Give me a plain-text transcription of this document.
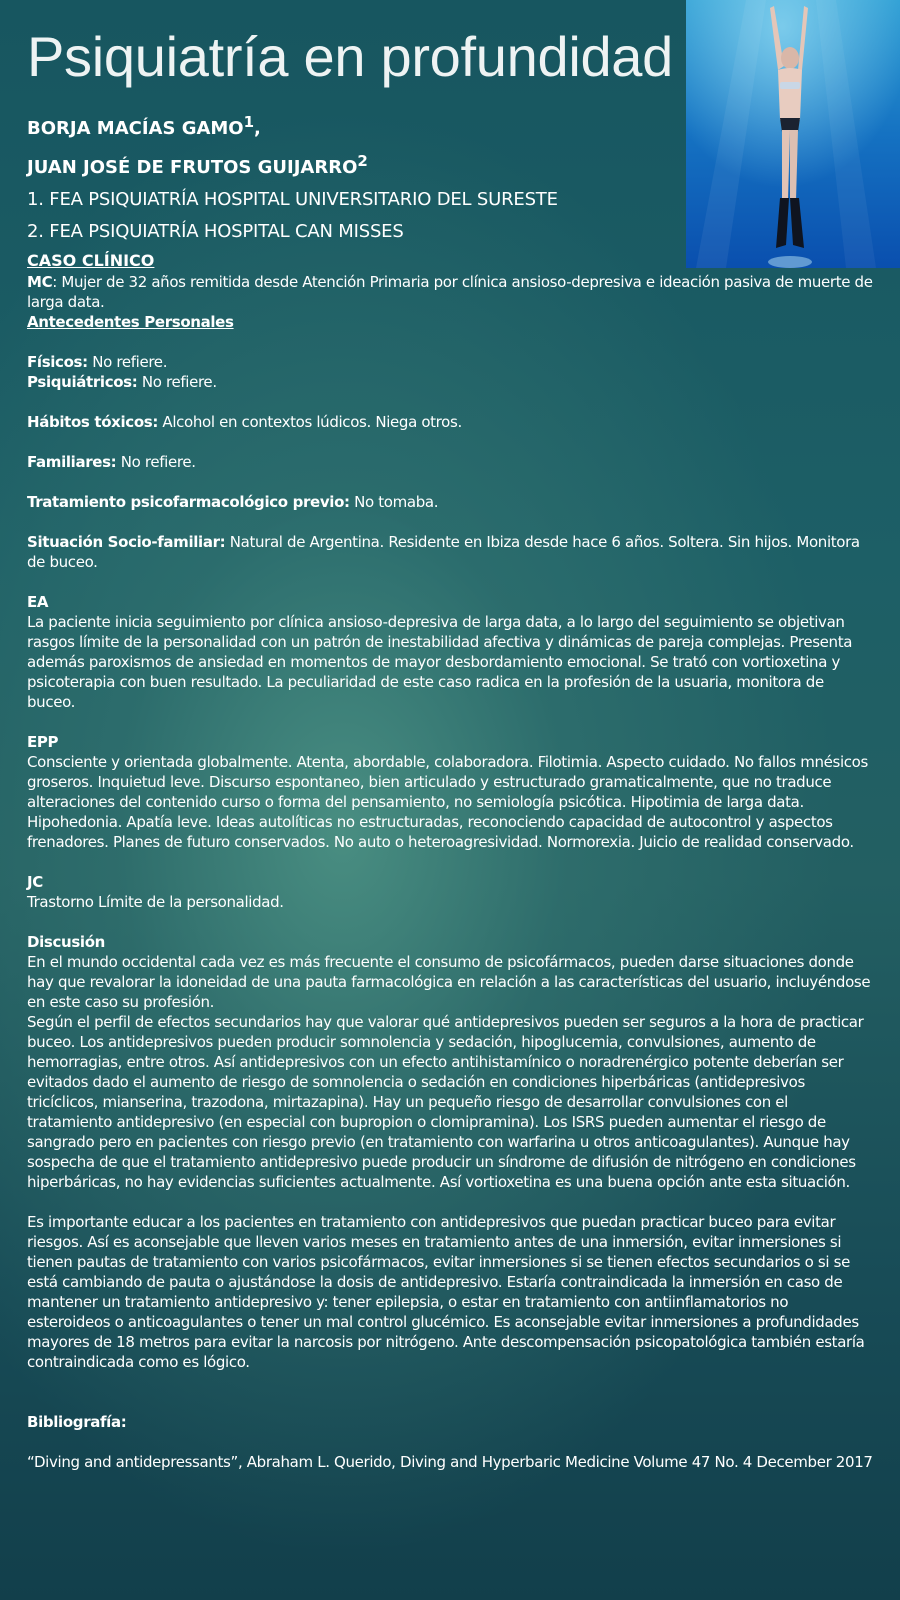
Psiquiatría en profundidad
BORJA MACÍAS GAMO$^1$,
JUAN JOSÉ DE FRUTOS GUIJARRO$^2$
1. FEA PSIQUIATRÍA HOSPITAL UNIVERSITARIO DEL SURESTE
2. FEA PSIQUIATRÍA HOSPITAL CAN MISSES
CASO CLÍNICO

MC: Mujer de 32 años remitida desde Atención Primaria por clínica ansioso-depresiva e ideación pasiva de muerte de larga data.

Antecedentes Personales

Físicos: No refiere.

Psiquiátricos: No refiere.

Hábitos tóxicos: Alcohol en contextos lúdicos. Niega otros.

Familiares: No refiere.

Tratamiento psicofarmacológico previo: No tomaba.

Situación Socio-familiar: Natural de Argentina. Residente en Ibiza desde hace 6 años. Soltera. Sin hijos. Monitora de buceo.

EA

La paciente inicia seguimiento por clínica ansioso-depresiva de larga data, a lo largo del seguimiento se objetivan rasgos límite de la personalidad con un patrón de inestabilidad afectiva y dinámicas de pareja complejas. Presenta además paroxismos de ansiedad en momentos de mayor desbordamiento emocional. Se trató con vortioxetina y psicoterapia con buen resultado. La peculiaridad de este caso radica en la profesión de la usuaria, monitora de buceo.

EPP

Consciente y orientada globalmente. Atenta, abordable, colaboradora. Filotimia. Aspecto cuidado. No fallos mnésicos groseros. Inquietud leve. Discurso espontaneo, bien articulado y estructurado gramaticalmente, que no traduce alteraciones del contenido curso o forma del pensamiento, no semiología psicótica. Hipotimia de larga data. Hipohedonia. Apatía leve. Ideas autolíticas no estructuradas, reconociendo capacidad de autocontrol y aspectos frenadores. Planes de futuro conservados. No auto o heteroagresividad. Normorexia. Juicio de realidad conservado.

JC

Trastorno Límite de la personalidad.

Discusión

En el mundo occidental cada vez es más frecuente el consumo de psicofármacos, pueden darse situaciones donde hay que revalorar la idoneidad de una pauta farmacológica en relación a las características del usuario, incluyéndose en este caso su profesión.

Según el perfil de efectos secundarios hay que valorar qué antidepresivos pueden ser seguros a la hora de practicar buceo. Los antidepresivos pueden producir somnolencia y sedación, hipoglucemia, convulsiones, aumento de hemorragias, entre otros. Así antidepresivos con un efecto antihistamínico o noradrenérgico potente deberían ser evitados dado el aumento de riesgo de somnolencia o sedación en condiciones hiperbáricas (antidepresivos tricíclicos, mianserina, trazodona, mirtazapina). Hay un pequeño riesgo de desarrollar convulsiones con el tratamiento antidepresivo (en especial con bupropion o clomipramina). Los ISRS pueden aumentar el riesgo de sangrado pero en pacientes con riesgo previo (en tratamiento con warfarina u otros anticoagulantes). Aunque hay sospecha de que el tratamiento antidepresivo puede producir un síndrome de difusión de nitrógeno en condiciones hiperbáricas, no hay evidencias suficientes actualmente. Así vortioxetina es una buena opción ante esta situación.

Es importante educar a los pacientes en tratamiento con antidepresivos que puedan practicar buceo para evitar riesgos. Así es aconsejable que lleven varios meses en tratamiento antes de una inmersión, evitar inmersiones si tienen pautas de tratamiento con varios psicofármacos, evitar inmersiones si se tienen efectos secundarios o si se está cambiando de pauta o ajustándose la dosis de antidepresivo. Estaría contraindicada la inmersión en caso de mantener un tratamiento antidepresivo y: tener epilepsia, o estar en tratamiento con antiinflamatorios no esteroideos o anticoagulantes o tener un mal control glucémico. Es aconsejable evitar inmersiones a profundidades mayores de 18 metros para evitar la narcosis por nitrógeno. Ante descompensación psicopatológica también estaría contraindicada como es lógico.

Bibliografía:

“Diving and antidepressants”, Abraham L. Querido, Diving and Hyperbaric Medicine Volume 47 No. 4 December 2017
